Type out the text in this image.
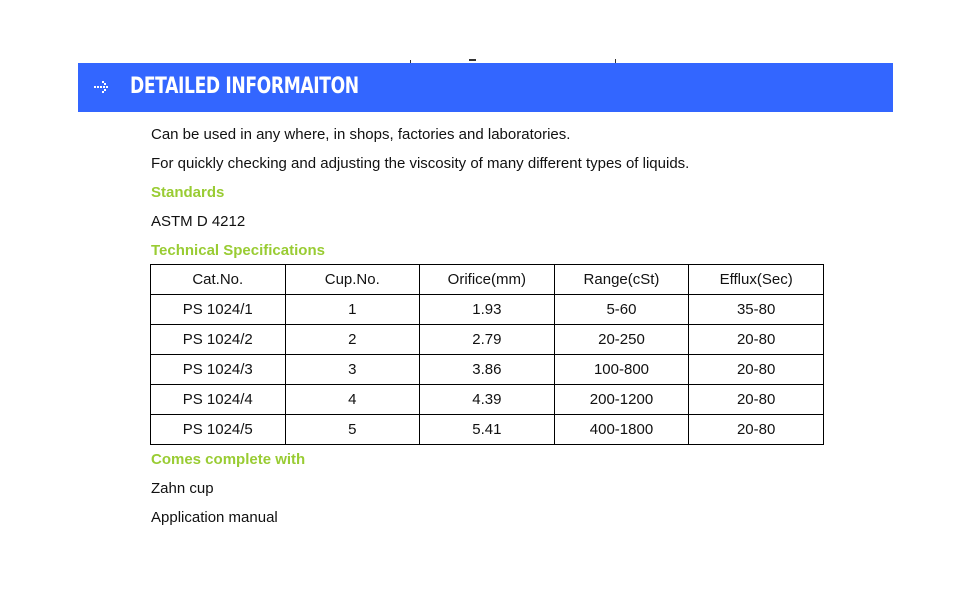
DETAILED INFORMAITON
Can be used in any where, in shops, factories and laboratories.
For quickly checking and adjusting the viscosity of many different types of liquids.
Standards
ASTM D 4212
Technical Specifications
Cat.No.	Cup.No.	Orifice(mm)	Range(cSt)	Efflux(Sec)
PS 1024/1	1	1.93	5-60	35-80
PS 1024/2	2	2.79	20-250	20-80
PS 1024/3	3	3.86	100-800	20-80
PS 1024/4	4	4.39	200-1200	20-80
PS 1024/5	5	5.41	400-1800	20-80
Comes complete with
Zahn cup
Application manual
